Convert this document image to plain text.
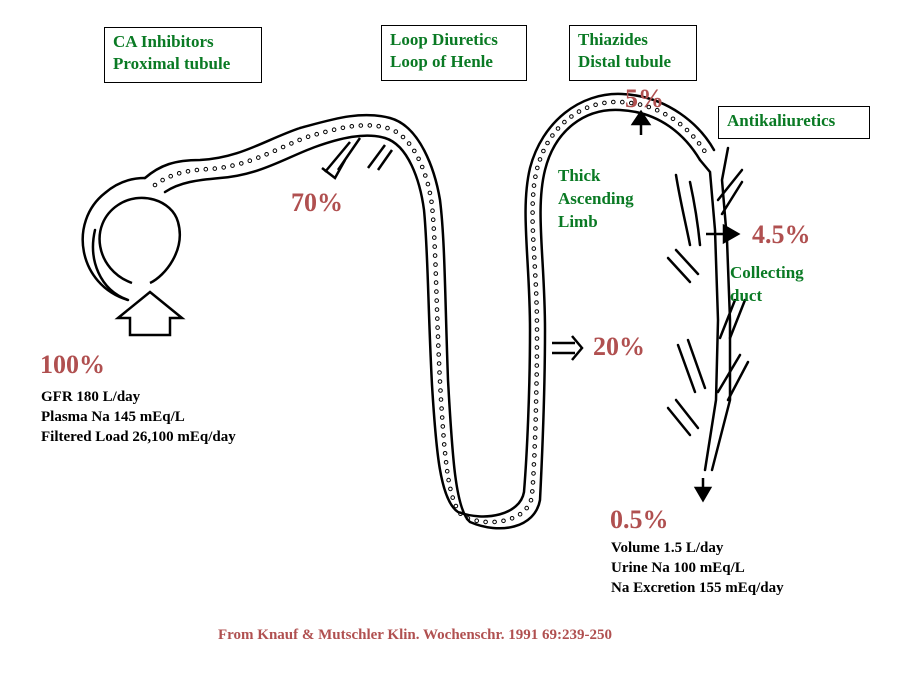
CA Inhibitors
Proximal tubule
Loop Diuretics
Loop of Henle
Thiazides
Distal tubule
Antikaliuretics
Thick
Ascending
Limb
Collecting
duct
70%
5%
4.5%
20%
100%
0.5%
GFR 180 L/day
Plasma Na 145 mEq/L
Filtered Load 26,100 mEq/day
Volume 1.5 L/day
Urine Na 100 mEq/L
Na Excretion 155 mEq/day
From Knauf & Mutschler Klin. Wochenschr. 1991 69:239-250
